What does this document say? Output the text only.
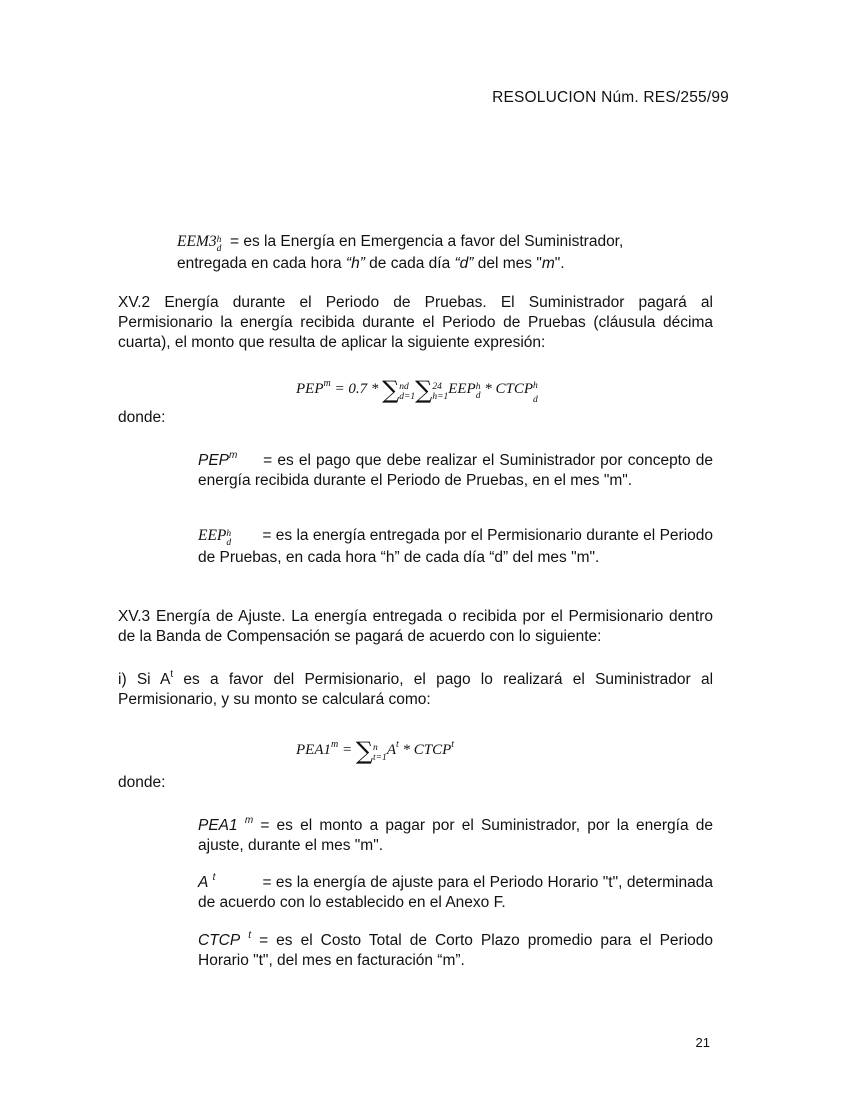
RESOLUCION Núm. RES/255/99
EEM3h
d = es la Energía en Emergencia a favor del Suministrador,
entregada en cada hora “h” de cada día “d” del mes "m".
XV.2 Energía durante el Periodo de Pruebas. El Suministrador pagará al Permisionario la energía recibida durante el Periodo de Pruebas (cláusula décima cuarta), el monto que resulta de aplicar la siguiente expresión:
$PEP^m = 0.7 * \sum nd$
d=1∑24
h=1EEPh
d * CTCPh
d
donde:
$PEP^m$ = es el pago que debe realizar el Suministrador por concepto de energía recibida durante el Periodo de Pruebas, en el mes "m".
EEPh
d = es la energía entregada por el Permisionario durante el Periodo de Pruebas, en cada hora “h” de cada día “d” del mes "m".
XV.3 Energía de Ajuste. La energía entregada o recibida por el Permisionario dentro de la Banda de Compensación se pagará de acuerdo con lo siguiente:
i) Si $A^t$ es a favor del Permisionario, el pago lo realizará el Suministrador al Permisionario, y su monto se calculará como:
$PEA1^m = \sum n$
$t=1A^t$ * CTCP$^t$
donde:
PEA1 $^m$ = es el monto a pagar por el Suministrador, por la energía de ajuste, durante el mes "m".
A $^t$	= es la energía de ajuste para el Periodo Horario "t", determinada de acuerdo con lo establecido en el Anexo F.
CTCP $^t$ = es el Costo Total de Corto Plazo promedio para el Periodo Horario "t", del mes en facturación “m”.
21
